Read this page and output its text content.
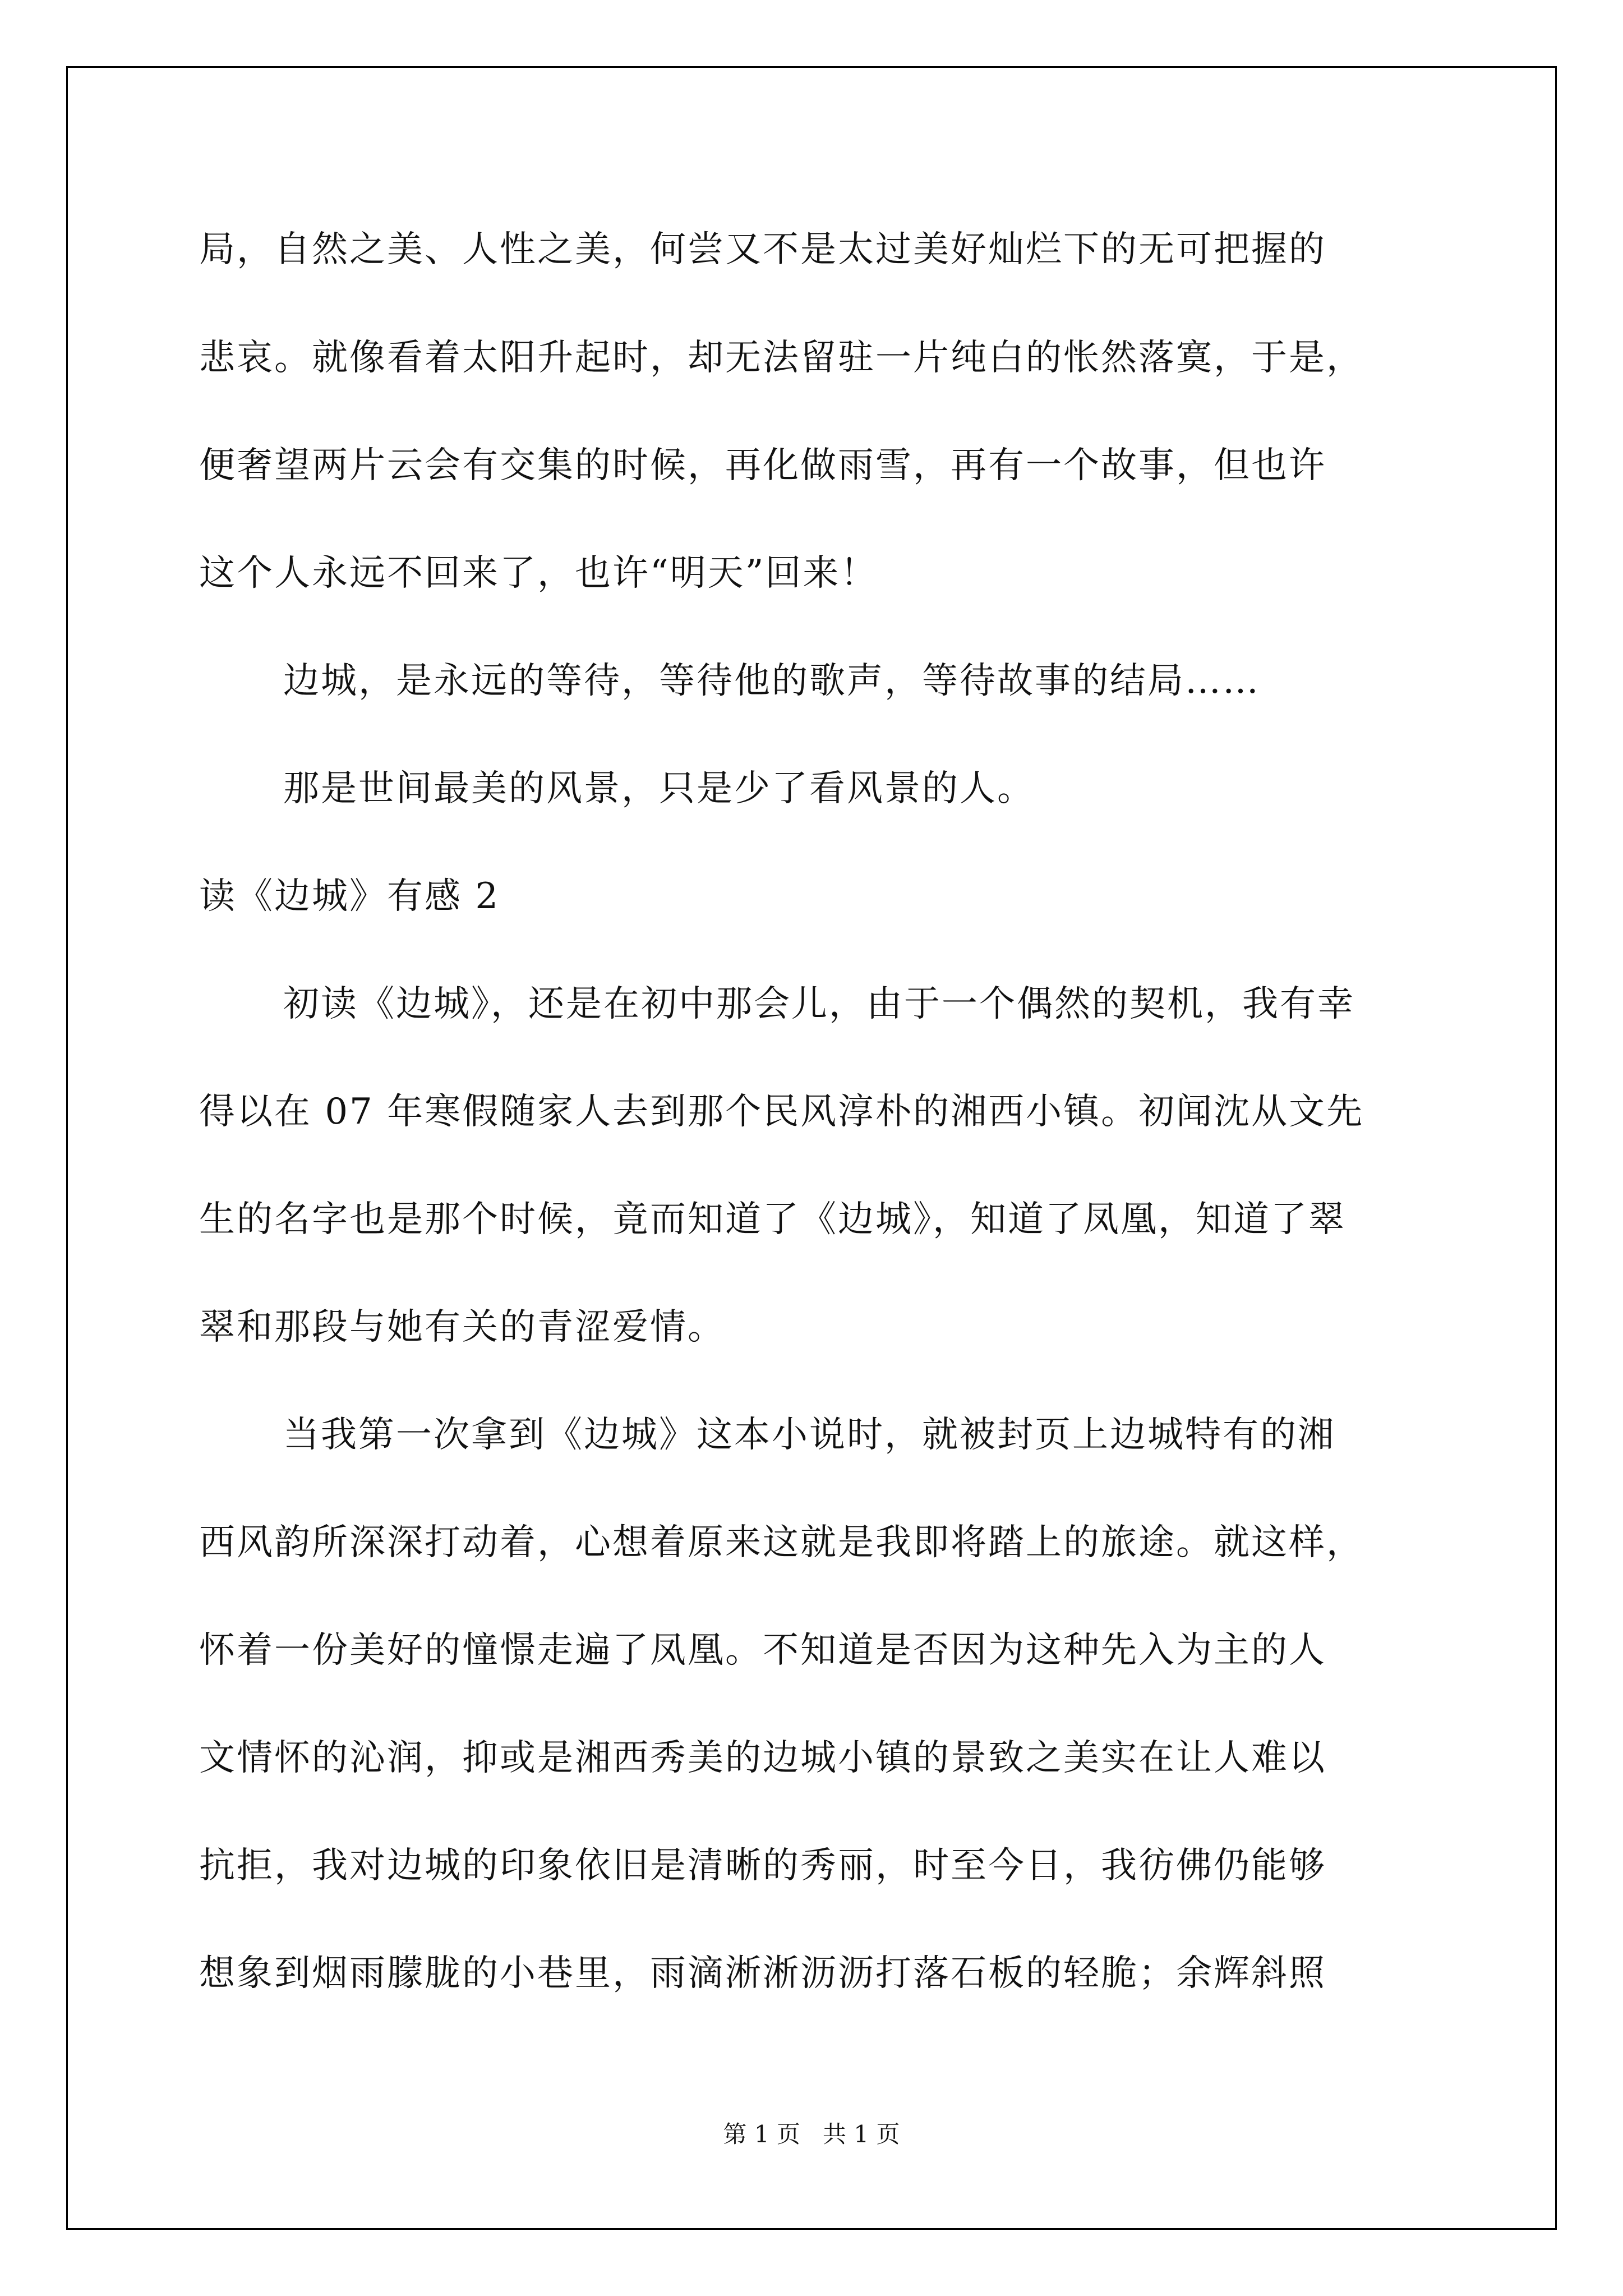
局，自然之美、人性之美，何尝又不是太过美好灿烂下的无可把握的
悲哀。就像看着太阳升起时，却无法留驻一片纯白的怅然落寞，于是，
便奢望两片云会有交集的时候，再化做雨雪，再有一个故事，但也许
这个人永远不回来了，也许“明天”回来！
边城，是永远的等待，等待他的歌声，等待故事的结局……
那是世间最美的风景，只是少了看风景的人。
读《边城》有感 2
初读《边城》，还是在初中那会儿，由于一个偶然的契机，我有幸
得以在 07 年寒假随家人去到那个民风淳朴的湘西小镇。初闻沈从文先
生的名字也是那个时候，竟而知道了《边城》，知道了凤凰，知道了翠
翠和那段与她有关的青涩爱情。
当我第一次拿到《边城》这本小说时，就被封页上边城特有的湘
西风韵所深深打动着，心想着原来这就是我即将踏上的旅途。就这样，
怀着一份美好的憧憬走遍了凤凰。不知道是否因为这种先入为主的人
文情怀的沁润，抑或是湘西秀美的边城小镇的景致之美实在让人难以
抗拒，我对边城的印象依旧是清晰的秀丽，时至今日，我彷佛仍能够
想象到烟雨朦胧的小巷里，雨滴淅淅沥沥打落石板的轻脆；余辉斜照
第 1 页   共 1 页
